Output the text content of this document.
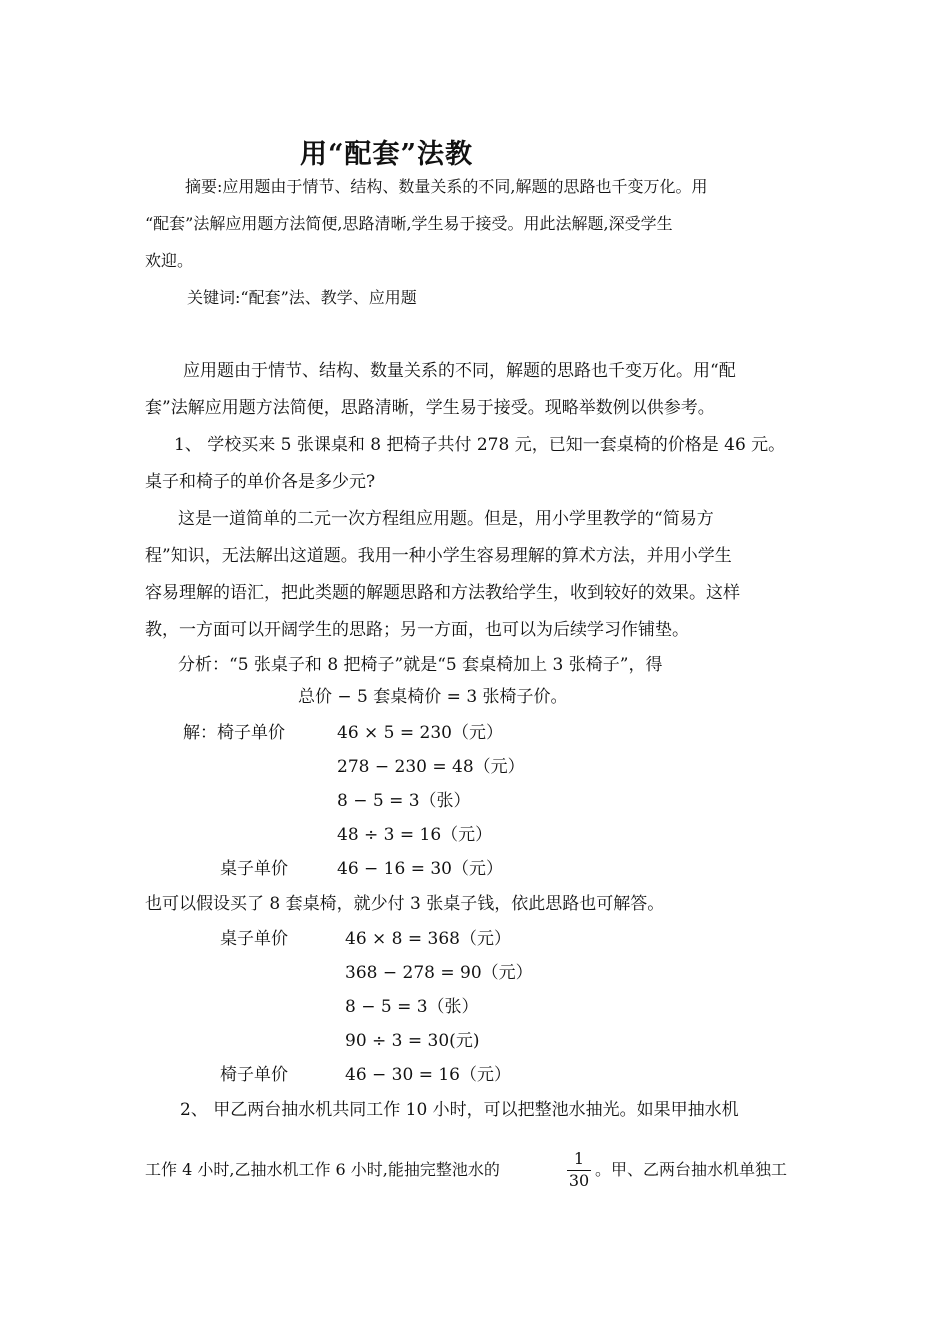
用“配套”法教
摘要:应用题由于情节、结构、数量关系的不同,解题的思路也千变万化。用
“配套”法解应用题方法简便,思路清晰,学生易于接受。用此法解题,深受学生
欢迎。
关键词:“配套”法、教学、应用题
应用题由于情节、结构、数量关系的不同，解题的思路也千变万化。用“配
套”法解应用题方法简便，思路清晰，学生易于接受。现略举数例以供参考。
1、 学校买来 5 张课桌和 8 把椅子共付 278 元，已知一套桌椅的价格是 46 元。
桌子和椅子的单价各是多少元?
这是一道简单的二元一次方程组应用题。但是，用小学里教学的“简易方
程”知识，无法解出这道题。我用一种小学生容易理解的算术方法，并用小学生
容易理解的语汇，把此类题的解题思路和方法教给学生，收到较好的效果。这样
教，一方面可以开阔学生的思路；另一方面，也可以为后续学习作铺垫。
分析：“5 张桌子和 8 把椅子”就是“5 套桌椅加上 3 张椅子”，得
总价 − 5 套桌椅价 = 3 张椅子价。
解：椅子单价	46 × 5 = 230（元）
278 − 230 = 48（元）
8 − 5 = 3（张）
48 ÷ 3 = 16（元）
桌子单价	46 − 16 = 30（元）
也可以假设买了 8 套桌椅，就少付 3 张桌子钱，依此思路也可解答。
桌子单价	46 × 8 = 368（元）
368 − 278 = 90（元）
8 − 5 = 3（张）
90 ÷ 3 = 30(元)
椅子单价	46 − 30 = 16（元）
2、 甲乙两台抽水机共同工作 10 小时，可以把整池水抽光。如果甲抽水机
工作 4 小时,乙抽水机工作 6 小时,能抽完整池水的
1
30
。甲、乙两台抽水机单独工
